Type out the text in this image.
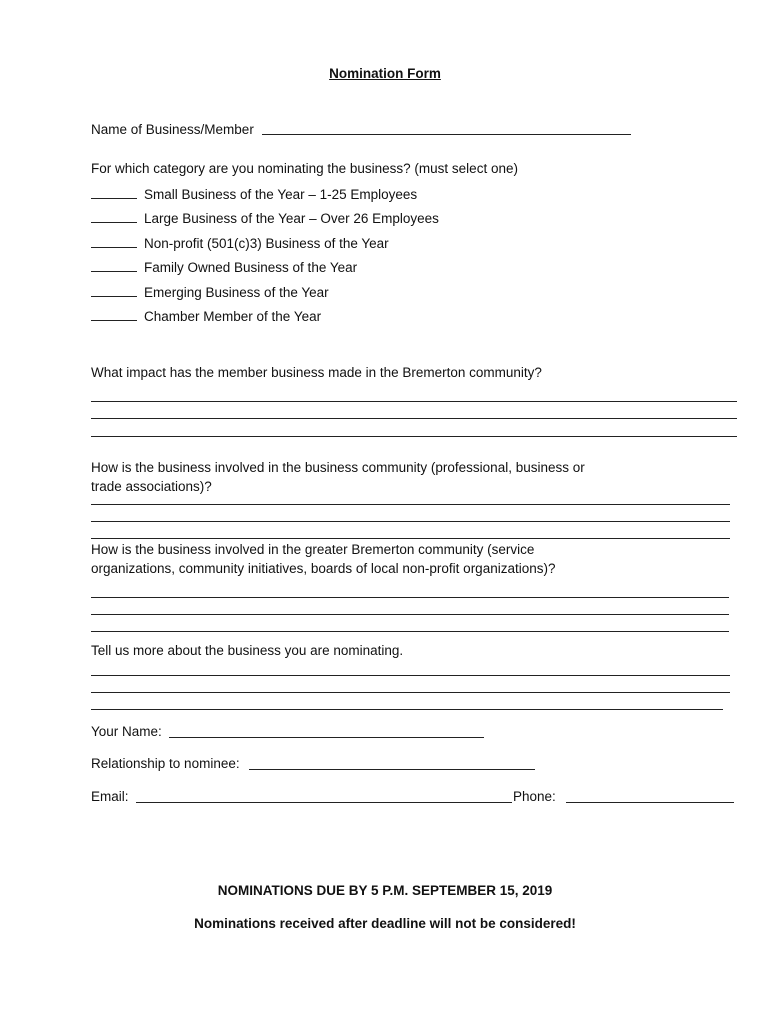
Nomination Form
Name of Business/Member
For which category are you nominating the business? (must select one)
Small Business of the Year – 1-25 Employees
Large Business of the Year – Over 26 Employees
Non-profit (501(c)3) Business of the Year
Family Owned Business of the Year
Emerging Business of the Year
Chamber Member of the Year
What impact has the member business made in the Bremerton community?
How is the business involved in the business community (professional, business or
trade associations)?
How is the business involved in the greater Bremerton community (service
organizations, community initiatives, boards of local non-profit organizations)?
Tell us more about the business you are nominating.
Your Name:
Relationship to nominee:
Email:	Phone:
NOMINATIONS DUE BY 5 P.M. SEPTEMBER 15, 2019
Nominations received after deadline will not be considered!
